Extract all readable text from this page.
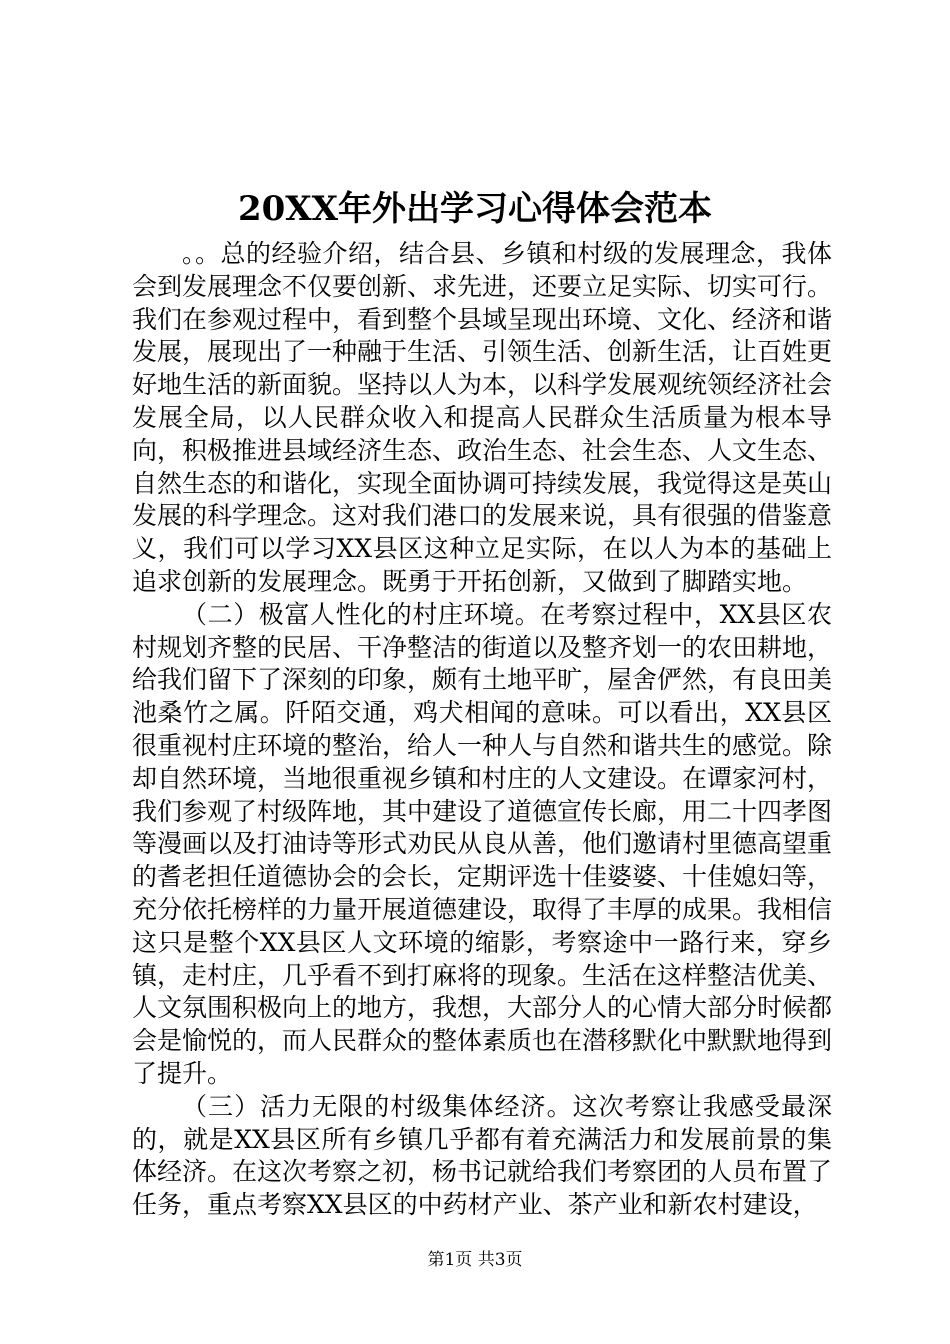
20XX年外出学习心得体会范本

。。总的经验介绍，结合县、乡镇和村级的发展理念，我体会到发展理念不仅要创新、求先进，还要立足实际、切实可行。我们在参观过程中，看到整个县域呈现出环境、文化、经济和谐发展，展现出了一种融于生活、引领生活、创新生活，让百姓更好地生活的新面貌。坚持以人为本，以科学发展观统领经济社会发展全局，以人民群众收入和提高人民群众生活质量为根本导向，积极推进县域经济生态、政治生态、社会生态、人文生态、自然生态的和谐化，实现全面协调可持续发展，我觉得这是英山发展的科学理念。这对我们港口的发展来说，具有很强的借鉴意义，我们可以学习XX县区这种立足实际，在以人为本的基础上追求创新的发展理念。既勇于开拓创新，又做到了脚踏实地。

（二）极富人性化的村庄环境。在考察过程中，XX县区农村规划齐整的民居、干净整洁的街道以及整齐划一的农田耕地，给我们留下了深刻的印象，颇有土地平旷，屋舍俨然，有良田美池桑竹之属。阡陌交通，鸡犬相闻的意味。可以看出，XX县区很重视村庄环境的整治，给人一种人与自然和谐共生的感觉。除却自然环境，当地很重视乡镇和村庄的人文建设。在谭家河村，我们参观了村级阵地，其中建设了道德宣传长廊，用二十四孝图等漫画以及打油诗等形式劝民从良从善，他们邀请村里德高望重的耆老担任道德协会的会长，定期评选十佳婆婆、十佳媳妇等，充分依托榜样的力量开展道德建设，取得了丰厚的成果。我相信这只是整个XX县区人文环境的缩影，考察途中一路行来，穿乡镇，走村庄，几乎看不到打麻将的现象。生活在这样整洁优美、人文氛围积极向上的地方，我想，大部分人的心情大部分时候都会是愉悦的，而人民群众的整体素质也在潜移默化中默默地得到了提升。

（三）活力无限的村级集体经济。这次考察让我感受最深的，就是XX县区所有乡镇几乎都有着充满活力和发展前景的集体经济。在这次考察之初，杨书记就给我们考察团的人员布置了任务，重点考察XX县区的中药材产业、茶产业和新农村建设，

第1页 共3页
